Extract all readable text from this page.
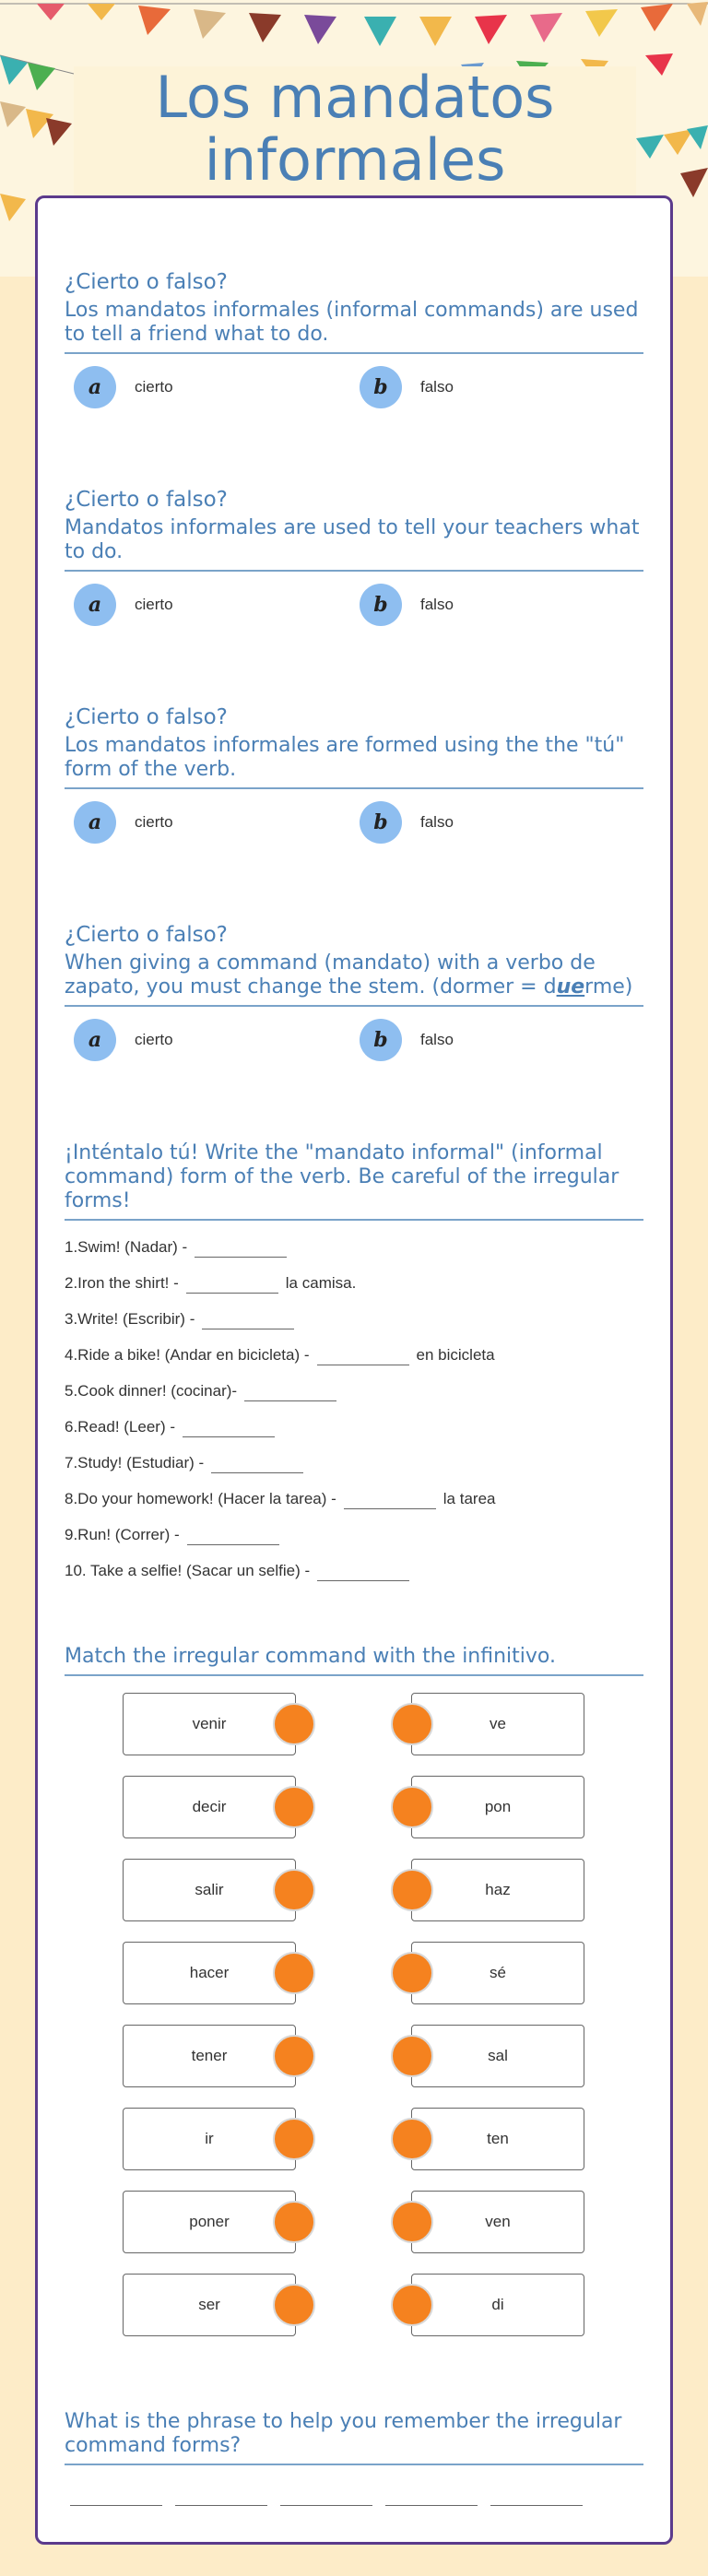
Los mandatos informales
¿Cierto o falso?
Los mandatos informales (informal commands) are used to tell a friend what to do.
a	cierto	b	falso
¿Cierto o falso?
Mandatos informales are used to tell your teachers what to do.
a	cierto	b	falso
¿Cierto o falso?
Los mandatos informales are formed using the the "tú" form of the verb.
a	cierto	b	falso
¿Cierto o falso?
When giving a command (mandato) with a verbo de zapato, you must change the stem. (dormer = duerme)
a	cierto	b	falso
¡Inténtalo tú! Write the "mandato informal" (informal command) form of the verb. Be careful of the irregular forms!
1.Swim! (Nadar) -
2.Iron the shirt! -	la camisa.
3.Write! (Escribir) -
4.Ride a bike! (Andar en bicicleta) -	en bicicleta
5.Cook dinner! (cocinar)-
6.Read! (Leer) -
7.Study! (Estudiar) -
8.Do your homework! (Hacer la tarea) -	la tarea
9.Run! (Correr) -
10. Take a selfie! (Sacar un selfie) -
Match the irregular command with the infinitivo.
venir	ve
decir	pon
salir	haz
hacer	sé
tener	sal
ir	ten
poner	ven
ser	di
What is the phrase to help you remember the irregular command forms?
